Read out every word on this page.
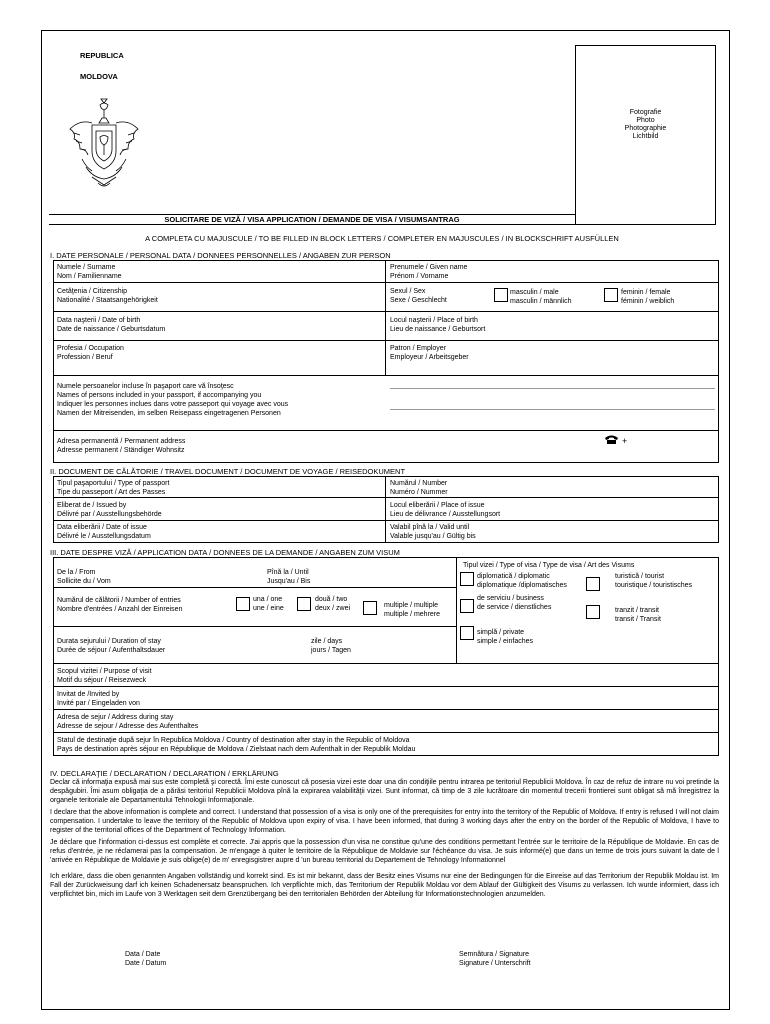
REPUBLICA
MOLDOVA
Fotografie
Photo
Photographie
Lichtbild
SOLICITARE DE VIZĂ / VISA APPLICATION / DEMANDE DE VISA / VISUMSANTRAG
A COMPLETA CU MAJUSCULE / TO BE FILLED IN BLOCK LETTERS / COMPLETER EN MAJUSCULES / IN BLOCKSCHRIFT AUSFÜLLEN
I. DATE PERSONALE / PERSONAL DATA / DONNEES PERSONNELLES / ANGABEN ZUR PERSON
Numele / Surname
Nom / Familienname
Prenumele / Given name
Prénom / Vorname
Cetăţenia / Citizenship
Nationalité / Staatsangehörigkeit
Sexul / Sex
Sexe / Geschlecht
masculin / male
masculin / männlich
feminin / female
féminin / weiblich
Data naşterii / Date of birth
Date de naissance / Geburtsdatum
Locul naşterii / Place of birth
Lieu de naissance / Geburtsort
Profesia / Occupation
Profession / Beruf
Patron / Employer
Employeur / Arbeitsgeber
Numele persoanelor incluse în paşaport care vă însoţesc
Names of persons included in your passport, if accompanying you
Indiquer les personnes inclues dans votre passeport qui voyage avec vous
Namen der Mitreisenden, im selben Reisepass eingetragenen Personen
Adresa permanentă / Permanent address
Adresse permanent / Ständiger Wohnsitz
+
II. DOCUMENT DE CĂLĂTORIE / TRAVEL DOCUMENT / DOCUMENT DE VOYAGE / REISEDOKUMENT
Tipul paşaportului / Type of passport
Tipe du passeport / Art des Passes
Numărul / Number
Numéro / Nummer
Eliberat de / Issued by
Délivré par / Ausstellungsbehörde
Locul eliberării / Place of issue
Lieu de délivrance / Ausstellungsort
Data eliberării / Date of issue
Délivré le / Ausstellungsdatum
Valabil pînă la / Valid until
Valable jusqu'au / Gültig bis
III. DATE DESPRE VIZĂ / APPLICATION DATA / DONNEES DE LA DEMANDE / ANGABEN ZUM VISUM
De la / From
Sollicite du / Vom
Pînă la / Until
Jusqu'au / Bis
Numărul de călătorii / Number of entries
Nombre d'entrées / Anzahl der Einreisen
una / one
une / eine
două / two
deux / zwei	multiple / multiple
multiple / mehrere
Durata sejurului / Duration of stay
Durée de séjour / Aufenthaltsdauer
zile / days
jours / Tagen
Tipul vizei / Type of visa / Type de visa / Art des Visums
diplomatică / diplomatic
diplomatique /diplomatisches
turistică / tourist
touristique / touristisches
de serviciu / business
de service / dienstliches	tranzit / transit
transit / Transit
simplă / private
simple / einfaches
Scopul vizitei / Purpose of visit
Motif du séjour / Reisezweck
Invitat de /Invited by
Invité par / Eingeladen von
Adresa de sejur / Address during stay
Adresse de sejour / Adresse des Aufenthaltes
Statul de destinaţie după sejur în Republica Moldova / Country of destination after stay in the Republic of Moldova
Pays de destination après séjour en République de Moldova / Zielstaat nach dem Aufenthalt in der Republik Moldau
IV. DECLARAŢIE / DECLARATION / DECLARATION / ERKLÄRUNG
Declar că informaţia expusă mai sus este completă şi corectă. Îmi este cunoscut că posesia vizei este doar una din condiţiile pentru intrarea pe teritoriul Republicii Moldova. În caz de refuz de intrare nu voi pretinde la despăgubiri. Îmi asum obligaţia de a părăsi teritoriul Republicii Moldova pînă la expirarea valabilităţii vizei. Sunt informat, că timp de 3 zile lucrătoare din momentul trecerii frontierei sunt obligat să mă înregistrez la organele teritoriale ale Departamentului Tehnologii Informaţionale.
I declare that the above information is complete and correct. I understand that possession of a visa is only one of the prerequisites for entry into the territory of the Republic of Moldova. If entry is refused I will not claim compensation. I undertake to leave the territory of the Republic of Moldova upon expiry of visa. I have been informed, that during 3 working days after the entry on the border of the Republic of Moldova, I have to register of the territorial offices of the Department of Technology Information.
Je déclare que l'information ci-dessus est complète et correcte. J'ai appris que la possession d'un visa ne constitue qu'une des conditions permettant l'entrée sur le territoire de la République de Moldavie. En cas de refus d'entrée, je ne réclamerai pas la compensation. Je m'engage à quiter le territoire de la République de Moldavie sur l'échéance du visa. Je suis informé(e) que dans un terme de trois jours suivant la date de l 'arrivée en République de Moldavie je suis oblige(e) de m' enregisgistrer aupre d 'un bureau territorial du Departement de Tehnology Informationnel
Ich erkläre, dass die oben genannten Angaben vollständig und korrekt sind. Es ist mir bekannt, dass der Besitz eines Visums nur eine der Bedingungen für die Einreise auf das Territorium der Republik Moldau ist. Im Fall der Zurückweisung darf ich keinen Schadenersatz beanspruchen. Ich verpflichte mich, das Territorium der Republik Moldau vor dem Ablauf der Gültigkeit des Visums zu verlassen. Ich wurde informiert, dass ich verpflichtet bin, mich im Laufe von 3 Werktagen seit dem Grenzübergang bei den territorialen Behörden der Abteilung für Informationstechnologien anzumelden.
Data / Date
Date / Datum
Semnătura / Signature
Signature / Unterschrift
